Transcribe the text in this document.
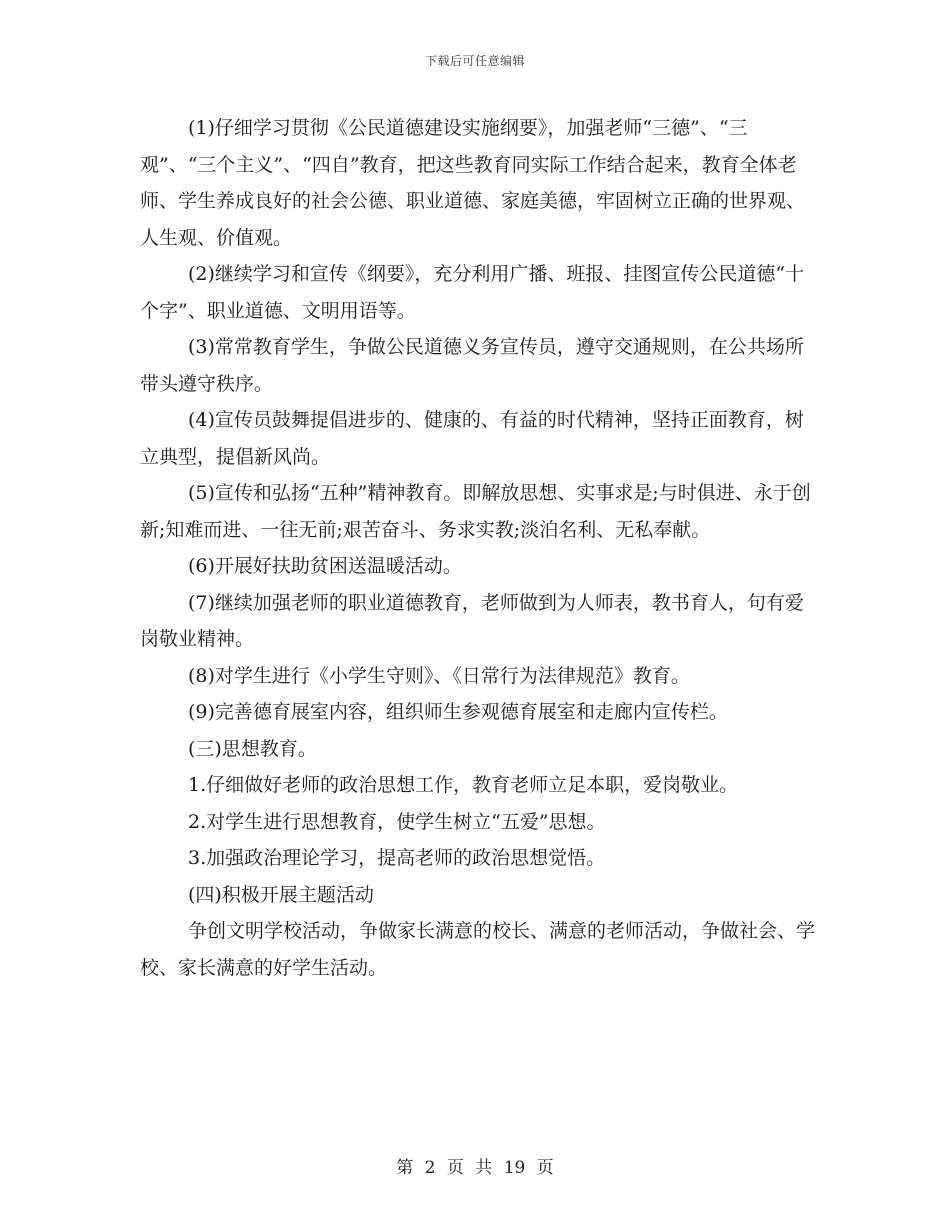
下载后可任意编辑

(1)仔细学习贯彻《公民道德建设实施纲要》，加强老师“三德”、“三观”、“三个主义”、“四自”教育，把这些教育同实际工作结合起来，教育全体老师、学生养成良好的社会公德、职业道德、家庭美德，牢固树立正确的世界观、人生观、价值观。

(2)继续学习和宣传《纲要》，充分利用广播、班报、挂图宣传公民道德“十个字”、职业道德、文明用语等。

(3)常常教育学生，争做公民道德义务宣传员，遵守交通规则，在公共场所带头遵守秩序。

(4)宣传员鼓舞提倡进步的、健康的、有益的时代精神，坚持正面教育，树立典型，提倡新风尚。

(5)宣传和弘扬“五种”精神教育。即解放思想、实事求是;与时俱进、永于创新;知难而进、一往无前;艰苦奋斗、务求实教;淡泊名利、无私奉献。

(6)开展好扶助贫困送温暖活动。

(7)继续加强老师的职业道德教育，老师做到为人师表，教书育人，句有爱岗敬业精神。

(8)对学生进行《小学生守则》、《日常行为法律规范》教育。

(9)完善德育展室内容，组织师生参观德育展室和走廊内宣传栏。

(三)思想教育。

1.仔细做好老师的政治思想工作，教育老师立足本职，爱岗敬业。

2.对学生进行思想教育，使学生树立“五爱”思想。

3.加强政治理论学习，提高老师的政治思想觉悟。

(四)积极开展主题活动

争创文明学校活动，争做家长满意的校长、满意的老师活动，争做社会、学校、家长满意的好学生活动。

第 2 页 共 19 页
